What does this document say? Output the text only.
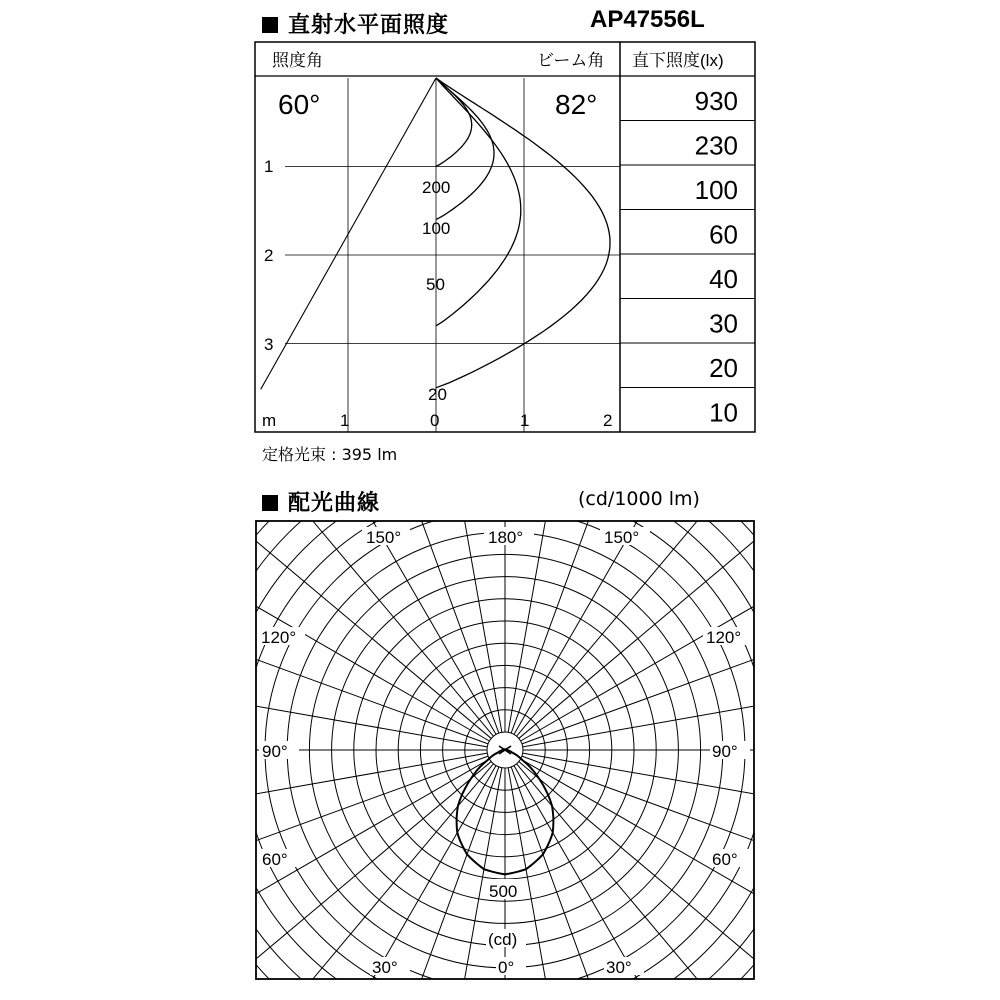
直射水平面照度	AP47556L
930
230
100
60
40
30
20
10
照度角	ビーム角 直下照度(lx)
60°	82°
m	1	0	1	2
1
2
3
200
100
50
20
定格光束 : 395 lm
配光曲線	(cd/1000 lm)
150°	180°	150°
120°	120°
90°	90°
60°	60°
30°	0°	30°
500
(cd)
